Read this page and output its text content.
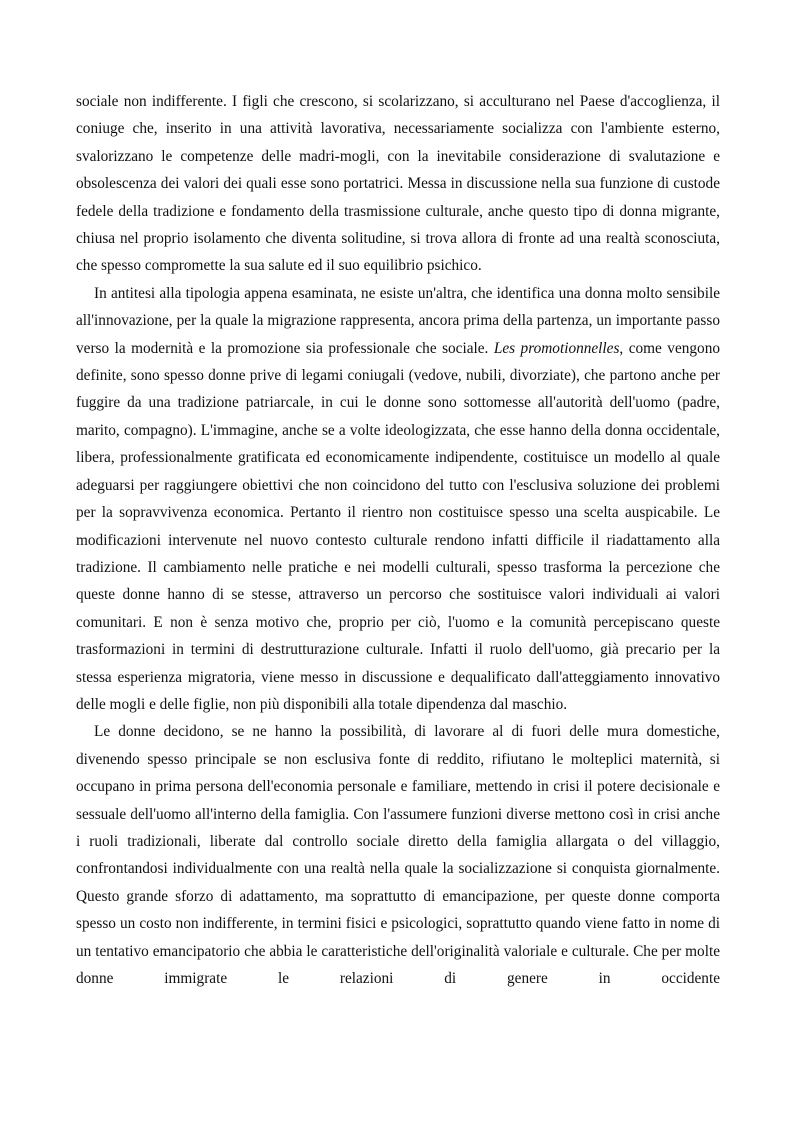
sociale non indifferente. I figli che crescono, si scolarizzano, si acculturano nel Paese d'accoglienza, il coniuge che, inserito in una attività lavorativa, necessariamente socializza con l'ambiente esterno, svalorizzano le competenze delle madri-mogli, con la inevitabile considerazione di svalutazione e obsolescenza dei valori dei quali esse sono portatrici. Messa in discussione nella sua funzione di custode fedele della tradizione e fondamento della trasmissione culturale, anche questo tipo di donna migrante, chiusa nel proprio isolamento che diventa solitudine, si trova allora di fronte ad una realtà sconosciuta, che spesso compromette la sua salute ed il suo equilibrio psichico.

In antitesi alla tipologia appena esaminata, ne esiste un'altra, che identifica una donna molto sensibile all'innovazione, per la quale la migrazione rappresenta, ancora prima della partenza, un importante passo verso la modernità e la promozione sia professionale che sociale. Les promotionnelles, come vengono definite, sono spesso donne prive di legami coniugali (vedove, nubili, divorziate), che partono anche per fuggire da una tradizione patriarcale, in cui le donne sono sottomesse all'autorità dell'uomo (padre, marito, compagno). L'immagine, anche se a volte ideologizzata, che esse hanno della donna occidentale, libera, professionalmente gratificata ed economicamente indipendente, costituisce un modello al quale adeguarsi per raggiungere obiettivi che non coincidono del tutto con l'esclusiva soluzione dei problemi per la sopravvivenza economica. Pertanto il rientro non costituisce spesso una scelta auspicabile. Le modificazioni intervenute nel nuovo contesto culturale rendono infatti difficile il riadattamento alla tradizione. Il cambiamento nelle pratiche e nei modelli culturali, spesso trasforma la percezione che queste donne hanno di se stesse, attraverso un percorso che sostituisce valori individuali ai valori comunitari. E non è senza motivo che, proprio per ciò, l'uomo e la comunità percepiscano queste trasformazioni in termini di destrutturazione culturale. Infatti il ruolo dell'uomo, già precario per la stessa esperienza migratoria, viene messo in discussione e dequalificato dall'atteggiamento innovativo delle mogli e delle figlie, non più disponibili alla totale dipendenza dal maschio.

Le donne decidono, se ne hanno la possibilità, di lavorare al di fuori delle mura domestiche, divenendo spesso principale se non esclusiva fonte di reddito, rifiutano le molteplici maternità, si occupano in prima persona dell'economia personale e familiare, mettendo in crisi il potere decisionale e sessuale dell'uomo all'interno della famiglia. Con l'assumere funzioni diverse mettono così in crisi anche i ruoli tradizionali, liberate dal controllo sociale diretto della famiglia allargata o del villaggio, confrontandosi individualmente con una realtà nella quale la socializzazione si conquista giornalmente. Questo grande sforzo di adattamento, ma soprattutto di emancipazione, per queste donne comporta spesso un costo non indifferente, in termini fisici e psicologici, soprattutto quando viene fatto in nome di un tentativo emancipatorio che abbia le caratteristiche dell'originalità valoriale e culturale. Che per molte donne immigrate le relazioni di genere in occidente
